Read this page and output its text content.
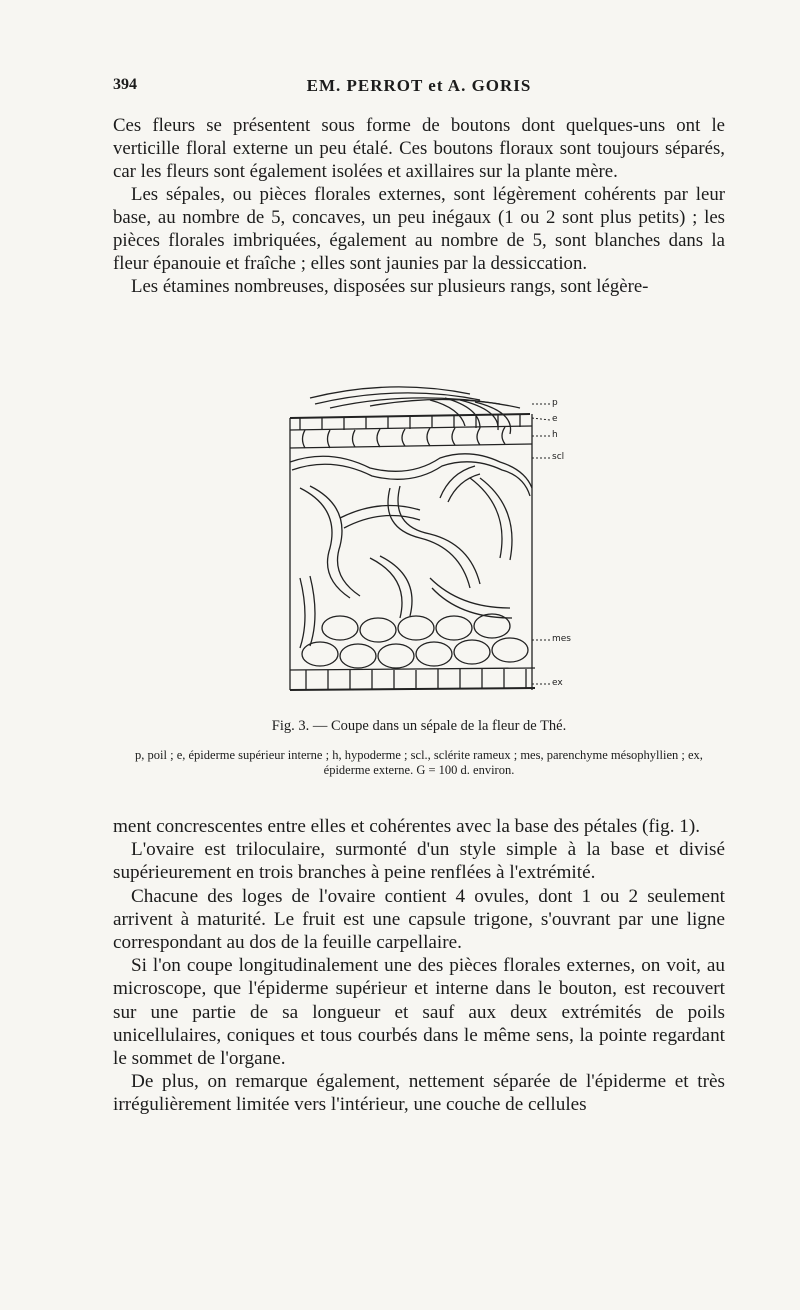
394	EM. PERROT et A. GORIS

Ces fleurs se présentent sous forme de boutons dont quelques-uns ont le verticille floral externe un peu étalé. Ces boutons floraux sont toujours séparés, car les fleurs sont également isolées et axillaires sur la plante mère.

Les sépales, ou pièces florales externes, sont légèrement cohérents par leur base, au nombre de 5, concaves, un peu inégaux (1 ou 2 sont plus petits) ; les pièces florales imbriquées, également au nombre de 5, sont blanches dans la fleur épanouie et fraîche ; elles sont jaunies par la dessiccation.

Les étamines nombreuses, disposées sur plusieurs rangs, sont légère-

p
e
h
scl
mes
ex

Fig. 3. — Coupe dans un sépale de la fleur de Thé.

p, poil ; e, épiderme supérieur interne ; h, hypoderme ; scl., sclérite rameux ; mes, parenchyme mésophyllien ; ex, épiderme externe. G = 100 d. environ.

ment concrescentes entre elles et cohérentes avec la base des pétales (fig. 1).

L'ovaire est triloculaire, surmonté d'un style simple à la base et divisé supérieurement en trois branches à peine renflées à l'extrémité.

Chacune des loges de l'ovaire contient 4 ovules, dont 1 ou 2 seulement arrivent à maturité. Le fruit est une capsule trigone, s'ouvrant par une ligne correspondant au dos de la feuille carpellaire.

Si l'on coupe longitudinalement une des pièces florales externes, on voit, au microscope, que l'épiderme supérieur et interne dans le bouton, est recouvert sur une partie de sa longueur et sauf aux deux extrémités de poils unicellulaires, coniques et tous courbés dans le même sens, la pointe regardant le sommet de l'organe.

De plus, on remarque également, nettement séparée de l'épiderme et très irrégulièrement limitée vers l'intérieur, une couche de cellules
